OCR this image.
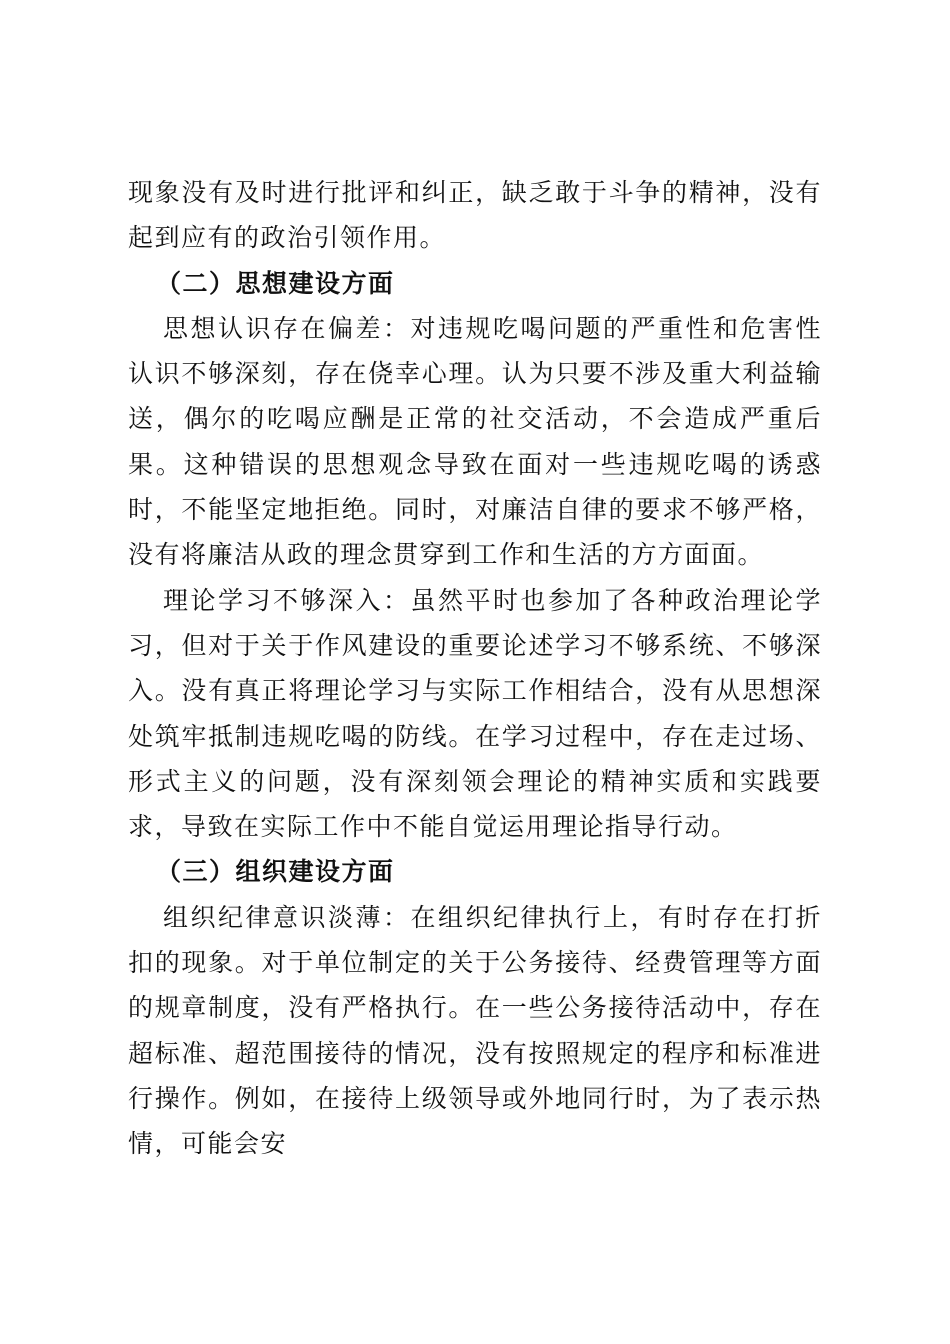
现象没有及时进行批评和纠正，缺乏敢于斗争的精神，没有起到应有的政治引领作用。

（二）思想建设方面

思想认识存在偏差：对违规吃喝问题的严重性和危害性认识不够深刻，存在侥幸心理。认为只要不涉及重大利益输送，偶尔的吃喝应酬是正常的社交活动，不会造成严重后果。这种错误的思想观念导致在面对一些违规吃喝的诱惑时，不能坚定地拒绝。同时，对廉洁自律的要求不够严格，没有将廉洁从政的理念贯穿到工作和生活的方方面面。

理论学习不够深入：虽然平时也参加了各种政治理论学习，但对于关于作风建设的重要论述学习不够系统、不够深入。没有真正将理论学习与实际工作相结合，没有从思想深处筑牢抵制违规吃喝的防线。在学习过程中，存在走过场、形式主义的问题，没有深刻领会理论的精神实质和实践要求，导致在实际工作中不能自觉运用理论指导行动。

（三）组织建设方面

组织纪律意识淡薄：在组织纪律执行上，有时存在打折扣的现象。对于单位制定的关于公务接待、经费管理等方面的规章制度，没有严格执行。在一些公务接待活动中，存在超标准、超范围接待的情况，没有按照规定的程序和标准进行操作。例如，在接待上级领导或外地同行时，为了表示热情，可能会安
